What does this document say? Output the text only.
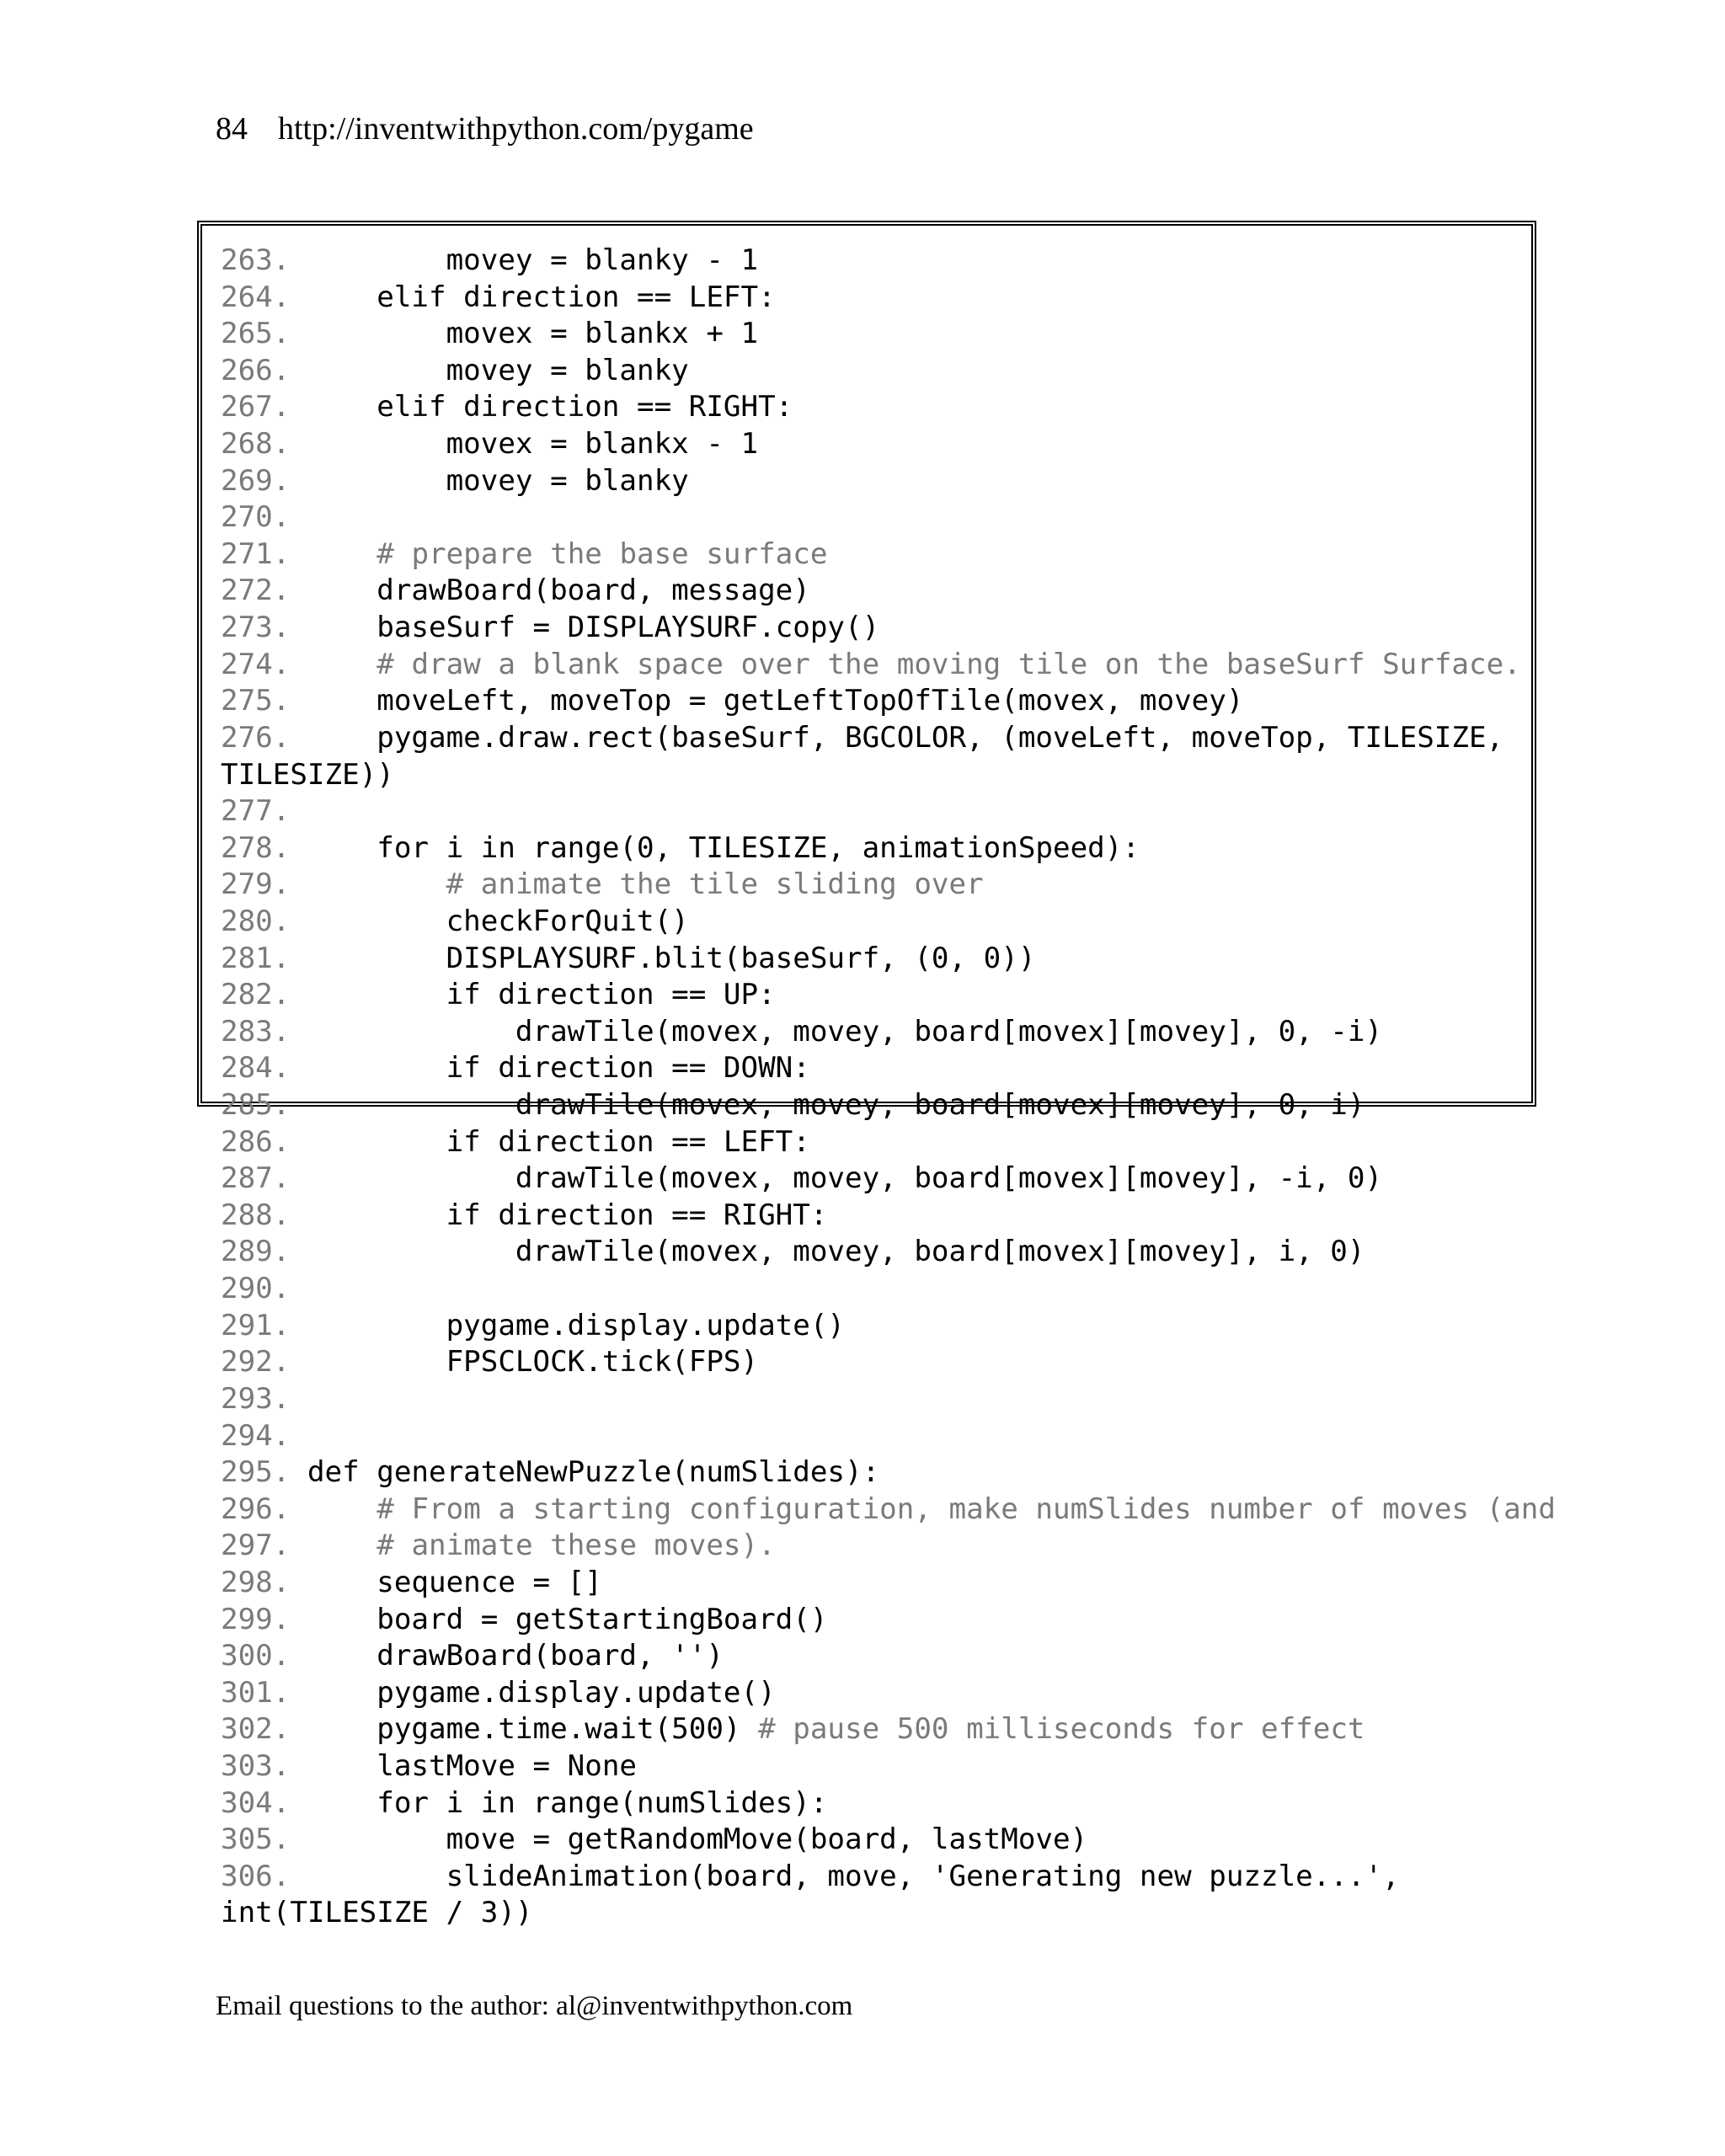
84 http://inventwithpython.com/pygame
263.         movey = blanky - 1
264.     elif direction == LEFT:
265.         movex = blankx + 1
266.         movey = blanky
267.     elif direction == RIGHT:
268.         movex = blankx - 1
269.         movey = blanky
270.
271.	# prepare the base surface
272.     drawBoard(board, message)
273.     baseSurf = DISPLAYSURF.copy()
274.	# draw a blank space over the moving tile on the baseSurf Surface.
275.     moveLeft, moveTop = getLeftTopOfTile(movex, movey)
276.     pygame.draw.rect(baseSurf, BGCOLOR, (moveLeft, moveTop, TILESIZE,
TILESIZE))
277.
278.     for i in range(0, TILESIZE, animationSpeed):
279.	# animate the tile sliding over
280.         checkForQuit()
281.         DISPLAYSURF.blit(baseSurf, (0, 0))
282.         if direction == UP:
283.             drawTile(movex, movey, board[movex][movey], 0, -i)
284.         if direction == DOWN:
285.             drawTile(movex, movey, board[movex][movey], 0, i)
286.         if direction == LEFT:
287.             drawTile(movex, movey, board[movex][movey], -i, 0)
288.         if direction == RIGHT:
289.             drawTile(movex, movey, board[movex][movey], i, 0)
290.
291.         pygame.display.update()
292.         FPSCLOCK.tick(FPS)
293.
294.
295. def generateNewPuzzle(numSlides):
296.	# From a starting configuration, make numSlides number of moves (and
297.	# animate these moves).
298.     sequence = []
299.     board = getStartingBoard()
300.     drawBoard(board, '')
301.     pygame.display.update()
302.     pygame.time.wait(500) # pause 500 milliseconds for effect
303.     lastMove = None
304.     for i in range(numSlides):
305.         move = getRandomMove(board, lastMove)
306.         slideAnimation(board, move, 'Generating new puzzle...',
int(TILESIZE / 3))
Email questions to the author: al@inventwithpython.com
